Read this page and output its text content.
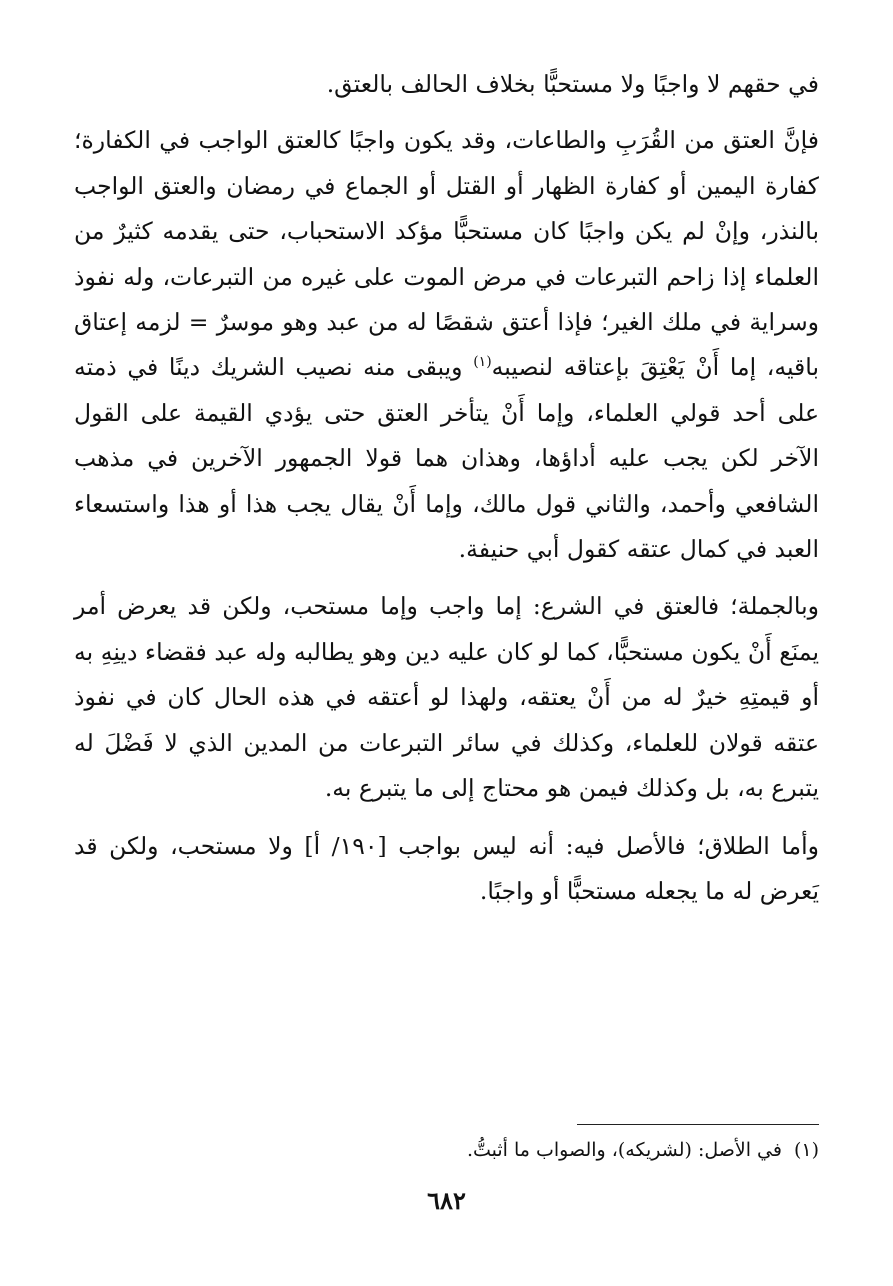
في حقهم لا واجبًا ولا مستحبًّا بخلاف الحالف بالعتق.

فإنَّ العتق من القُرَبِ والطاعات، وقد يكون واجبًا كالعتق الواجب في الكفارة؛ كفارة اليمين أو كفارة الظهار أو القتل أو الجماع في رمضان والعتق الواجب بالنذر، وإنْ لم يكن واجبًا كان مستحبًّا مؤكد الاستحباب، حتى يقدمه كثيرٌ من العلماء إذا زاحم التبرعات في مرض الموت على غيره من التبرعات، وله نفوذ وسراية في ملك الغير؛ فإذا أعتق شقصًا له من عبد وهو موسرٌ = لزمه إعتاق باقيه، إما أَنْ يَعْتِقَ بإعتاقه لنصيبه$^{(١)}$ ويبقى منه نصيب الشريك دينًا في ذمته على أحد قولي العلماء، وإما أَنْ يتأخر العتق حتى يؤدي القيمة على القول الآخر لكن يجب عليه أداؤها، وهذان هما قولا الجمهور الآخرين في مذهب الشافعي وأحمد، والثاني قول مالك، وإما أَنْ يقال يجب هذا أو هذا واستسعاء العبد في كمال عتقه كقول أبي حنيفة.

وبالجملة؛ فالعتق في الشرع: إما واجب وإما مستحب، ولكن قد يعرض أمر يمنَع أَنْ يكون مستحبًّا، كما لو كان عليه دين وهو يطالبه وله عبد فقضاء دينِهِ به أو قيمتِهِ خيرٌ له من أَنْ يعتقه، ولهذا لو أعتقه في هذه الحال كان في نفوذ عتقه قولان للعلماء، وكذلك في سائر التبرعات من المدين الذي لا فَضْلَ له يتبرع به، بل وكذلك فيمن هو محتاج إلى ما يتبرع به.

وأما الطلاق؛ فالأصل فيه: أنه ليس بواجب [١٩٠/ أ] ولا مستحب، ولكن قد يَعرض له ما يجعله مستحبًّا أو واجبًا.

(١)في الأصل: (لشريكه)، والصواب ما أثبتُّ.
٦٨٢
